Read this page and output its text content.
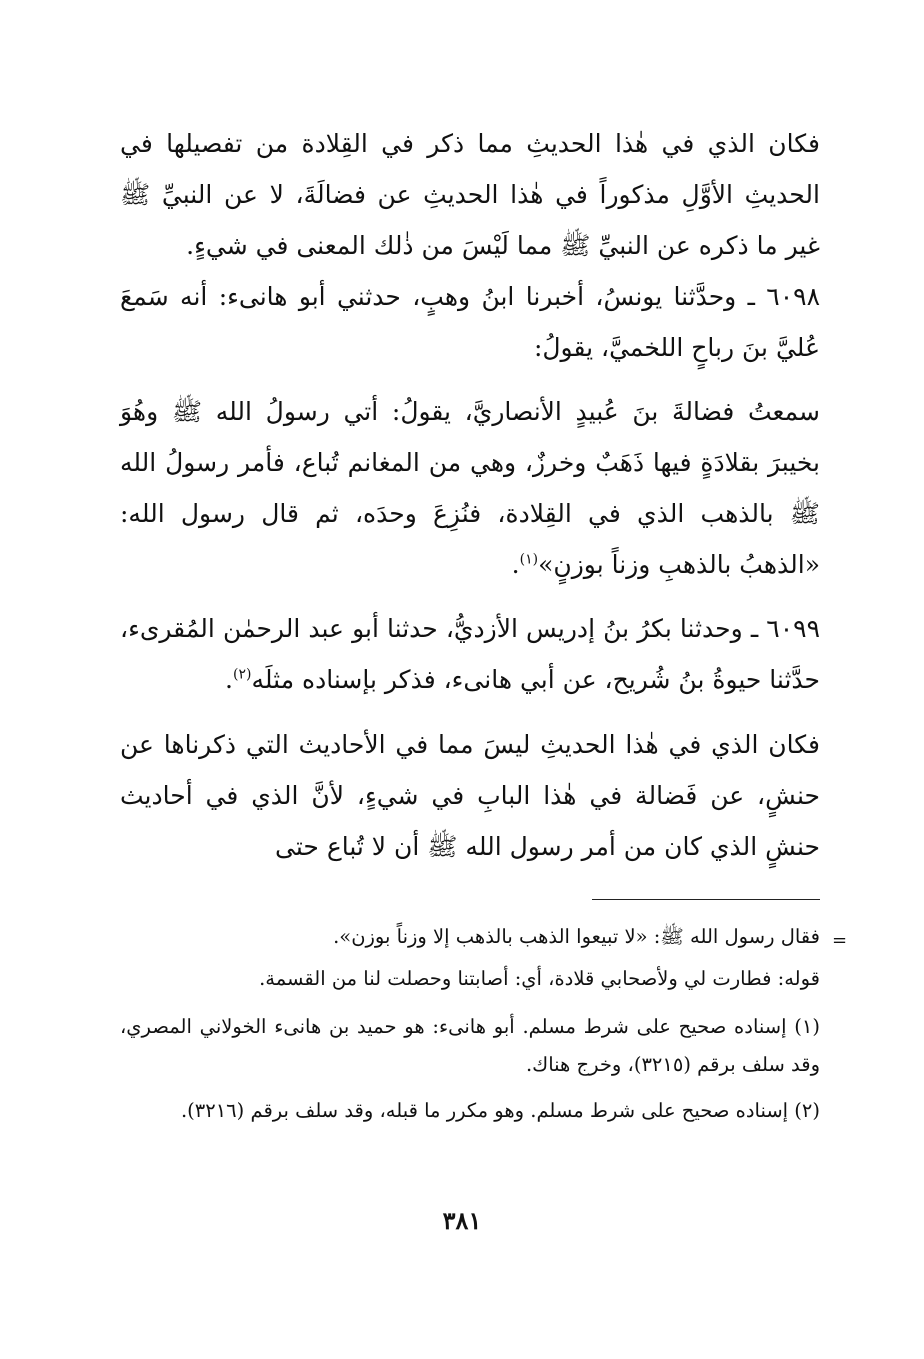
فكان الذي في هٰذا الحديثِ مما ذكر في القِلادة من تفصيلها في الحديثِ الأوَّلِ مذكوراً في هٰذا الحديثِ عن فضالَةَ، لا عن النبيِّ ﷺ غير ما ذكره عن النبيِّ ﷺ مما لَيْسَ من ذٰلك المعنى في شيءٍ.

٦٠٩٨ ـ وحدَّثنا يونسُ، أخبرنا ابنُ وهبٍ، حدثني أبو هانىء: أنه سَمعَ عُليَّ بنَ رباحٍ اللخميَّ، يقولُ:

سمعتُ فضالةَ بنَ عُبيدٍ الأنصاريَّ، يقولُ: أتي رسولُ الله ﷺ وهُوَ بخيبرَ بقلادَةٍ فيها ذَهَبٌ وخرزٌ، وهي من المغانم تُباع، فأمر رسولُ الله ﷺ بالذهب الذي في القِلادة، فنُزِعَ وحدَه، ثم قال رسول الله: «الذهبُ بالذهبِ وزناً بوزنٍ»$^{(١)}$.

٦٠٩٩ ـ وحدثنا بكرُ بنُ إدريس الأزديُّ، حدثنا أبو عبد الرحمٰن المُقرىء، حدَّثنا حيوةُ بنُ شُريح، عن أبي هانىء، فذكر بإسناده مثلَه$^{(٢)}$.

فكان الذي في هٰذا الحديثِ ليسَ مما في الأحاديث التي ذكرناها عن حنشٍ، عن فَضالة في هٰذا البابِ في شيءٍ، لأنَّ الذي في أحاديث حنشٍ الذي كان من أمر رسول الله ﷺ أن لا تُباع حتى

=

فقال رسول الله ﷺ: «لا تبيعوا الذهب بالذهب إلا وزناً بوزن».

قوله: فطارت لي ولأصحابي قلادة، أي: أصابتنا وحصلت لنا من القسمة.

(١) إسناده صحيح على شرط مسلم. أبو هانىء: هو حميد بن هانىء الخولاني المصري، وقد سلف برقم (٣٢١٥)، وخرج هناك.

(٢) إسناده صحيح على شرط مسلم. وهو مكرر ما قبله، وقد سلف برقم (٣٢١٦).

٣٨١
